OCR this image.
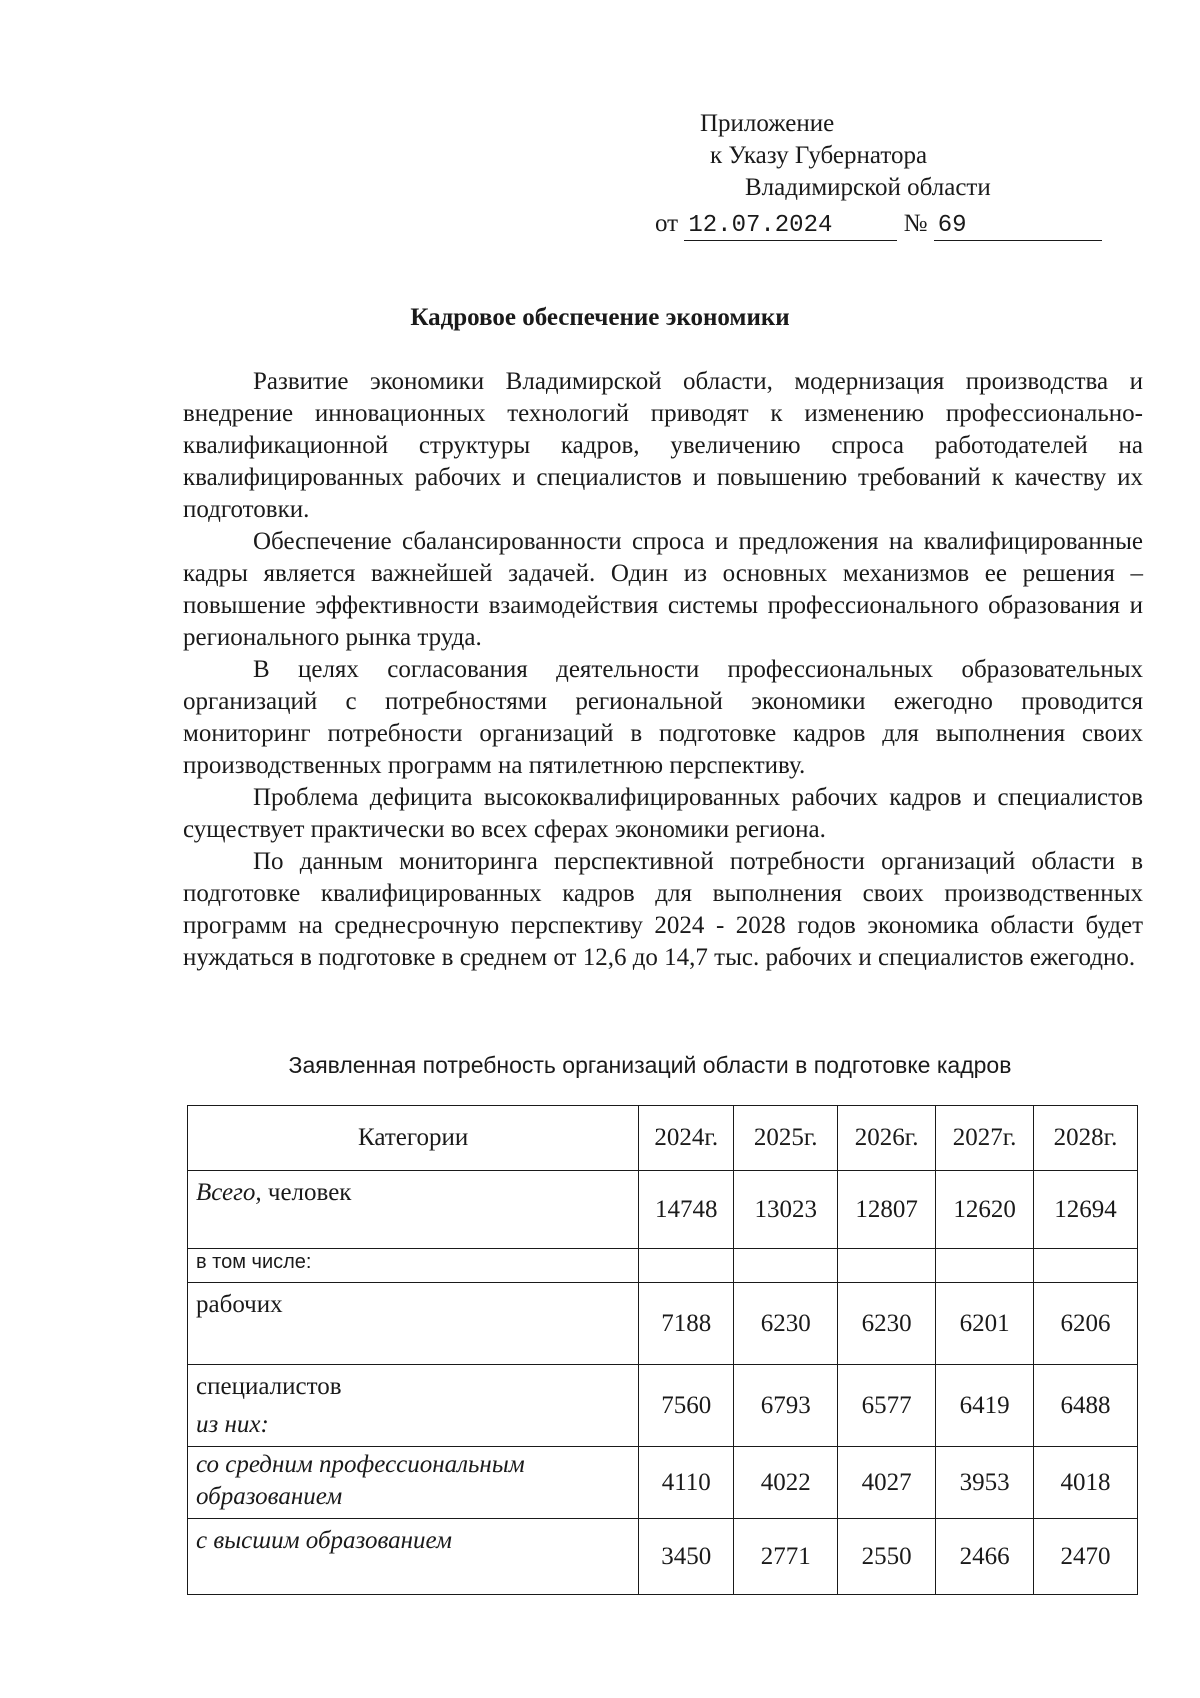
Приложение
к Указу Губернатора
Владимирской области
от 12.07.2024	№ 69
Кадровое обеспечение экономики

Развитие экономики Владимирской области, модернизация производства и внедрение инновационных технологий приводят к изменению профессионально-квалификационной структуры кадров, увеличению спроса работодателей на квалифицированных рабочих и специалистов и повышению требований к качеству их подготовки.

Обеспечение сбалансированности спроса и предложения на квалифицированные кадры является важнейшей задачей. Один из основных механизмов ее решения – повышение эффективности взаимодействия системы профессионального образования и регионального рынка труда.

В целях согласования деятельности профессиональных образовательных организаций с потребностями региональной экономики ежегодно проводится мониторинг потребности организаций в подготовке кадров для выполнения своих производственных программ на пятилетнюю перспективу.

Проблема дефицита высококвалифицированных рабочих кадров и специалистов существует практически во всех сферах экономики региона.

По данным мониторинга перспективной потребности организаций области в подготовке квалифицированных кадров для выполнения своих производственных программ на среднесрочную перспективу 2024 - 2028 годов экономика области будет нуждаться в подготовке в среднем от 12,6 до 14,7 тыс. рабочих и специалистов ежегодно.

Заявленная потребность организаций области в подготовке кадров
Категории	2024г.	2025г.	2026г.	2027г.	2028г.
Всего, человек	14748	13023	12807	12620	12694
в том числе:					
рабочих	7188	6230	6230	6201	6206
специалистов
из них:	7560	6793	6577	6419	6488
со средним профессиональным образованием	4110	4022	4027	3953	4018
с высшим образованием	3450	2771	2550	2466	2470
